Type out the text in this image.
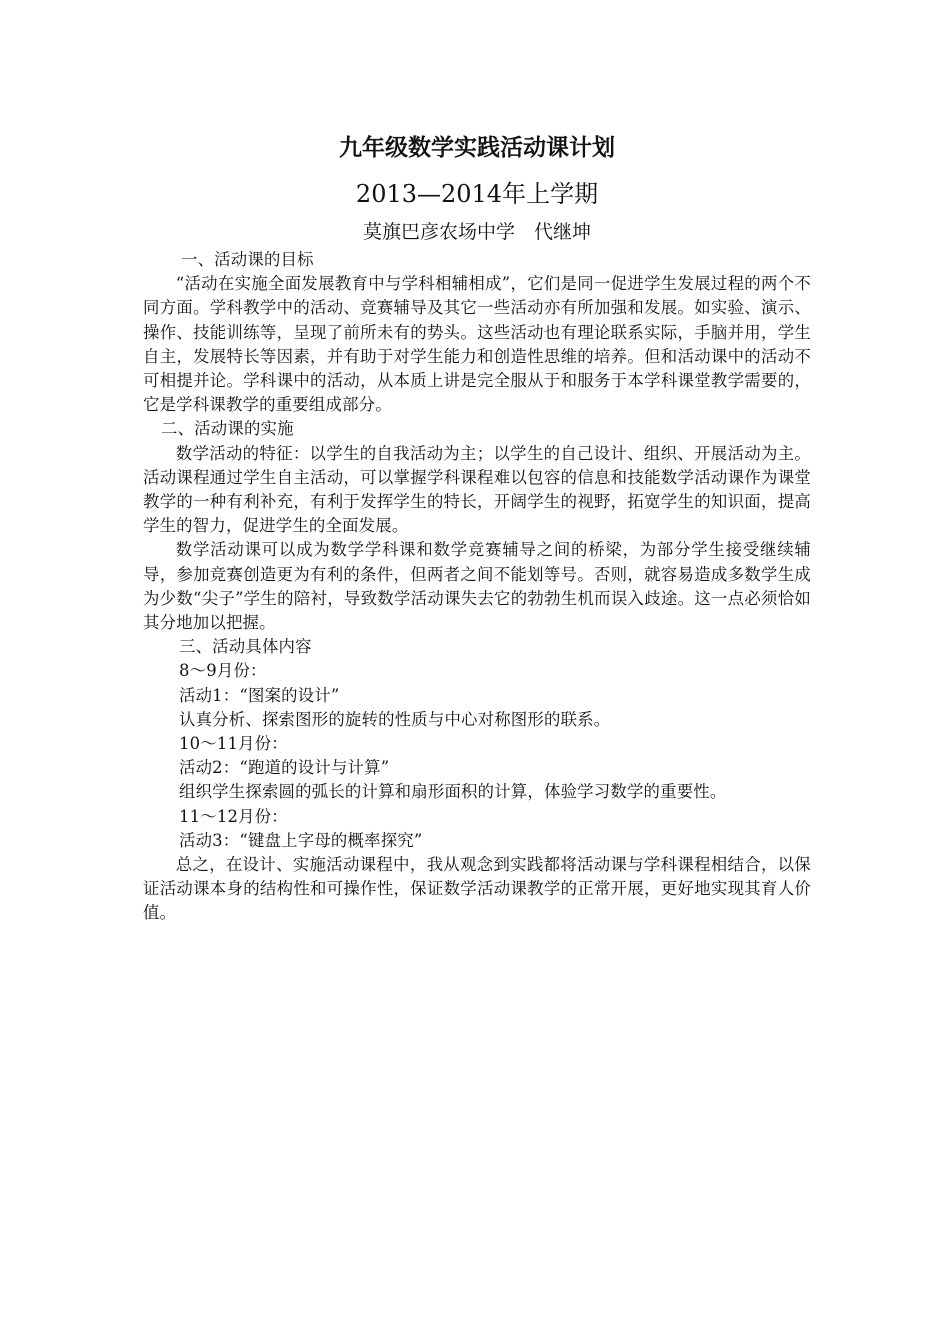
九年级数学实践活动课计划
2013—2014年上学期
莫旗巴彦农场中学　代继坤

一、活动课的目标

“活动在实施全面发展教育中与学科相辅相成”，它们是同一促进学生发展过程的两个不同方面。学科教学中的活动、竞赛辅导及其它一些活动亦有所加强和发展。如实验、演示、操作、技能训练等，呈现了前所未有的势头。这些活动也有理论联系实际，手脑并用，学生自主，发展特长等因素，并有助于对学生能力和创造性思维的培养。但和活动课中的活动不可相提并论。学科课中的活动，从本质上讲是完全服从于和服务于本学科课堂教学需要的，它是学科课教学的重要组成部分。

二、活动课的实施

数学活动的特征：以学生的自我活动为主；以学生的自己设计、组织、开展活动为主。活动课程通过学生自主活动，可以掌握学科课程难以包容的信息和技能数学活动课作为课堂教学的一种有利补充，有利于发挥学生的特长，开阔学生的视野，拓宽学生的知识面，提高学生的智力，促进学生的全面发展。

数学活动课可以成为数学学科课和数学竞赛辅导之间的桥梁，为部分学生接受继续辅导，参加竞赛创造更为有利的条件，但两者之间不能划等号。否则，就容易造成多数学生成为少数“尖子”学生的陪衬，导致数学活动课失去它的勃勃生机而误入歧途。这一点必须恰如其分地加以把握。

三、活动具体内容

8～9月份：

活动1：“图案的设计”

认真分析、探索图形的旋转的性质与中心对称图形的联系。

10～11月份：

活动2：“跑道的设计与计算”

组织学生探索圆的弧长的计算和扇形面积的计算，体验学习数学的重要性。

11～12月份：

活动3：“键盘上字母的概率探究”

总之，在设计、实施活动课程中，我从观念到实践都将活动课与学科课程相结合，以保证活动课本身的结构性和可操作性，保证数学活动课教学的正常开展，更好地实现其育人价值。
